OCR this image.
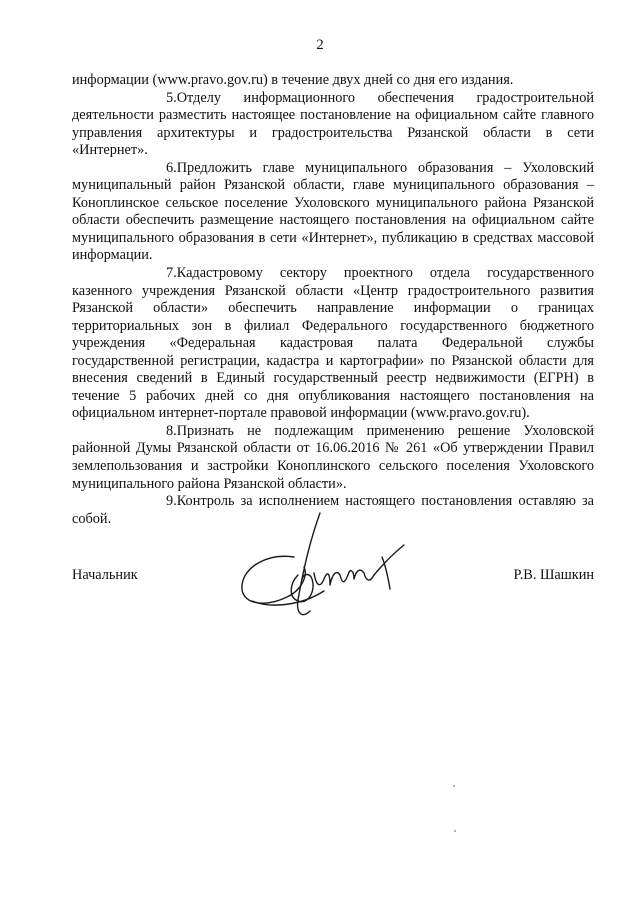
2

информации (www.pravo.gov.ru) в течение двух дней со дня его издания.

5.Отделу информационного обеспечения градостроительной деятельности разместить настоящее постановление на официальном сайте главного управления архитектуры и градостроительства Рязанской области в сети «Интернет».

6.Предложить главе муниципального образования – Ухоловский муниципальный район Рязанской области, главе муниципального образования – Коноплинское сельское поселение Ухоловского муниципального района Рязанской области обеспечить размещение настоящего постановления на официальном сайте муниципального образования в сети «Интернет», публикацию в средствах массовой информации.

7.Кадастровому сектору проектного отдела государственного казенного учреждения Рязанской области «Центр градостроительного развития Рязанской области» обеспечить направление информации о границах территориальных зон в филиал Федерального государственного бюджетного учреждения «Федеральная кадастровая палата Федеральной службы государственной регистрации, кадастра и картографии» по Рязанской области для внесения сведений в Единый государственный реестр недвижимости (ЕГРН) в течение 5 рабочих дней со дня опубликования настоящего постановления на официальном интернет-портале правовой информации (www.pravo.gov.ru).

8.Признать не подлежащим применению решение Ухоловской районной Думы Рязанской области от 16.06.2016 № 261 «Об утверждении Правил землепользования и застройки Коноплинского сельского поселения Ухоловского муниципального района Рязанской области».

9.Контроль за исполнением настоящего постановления оставляю за собой.

Начальник	Р.В. Шашкин
